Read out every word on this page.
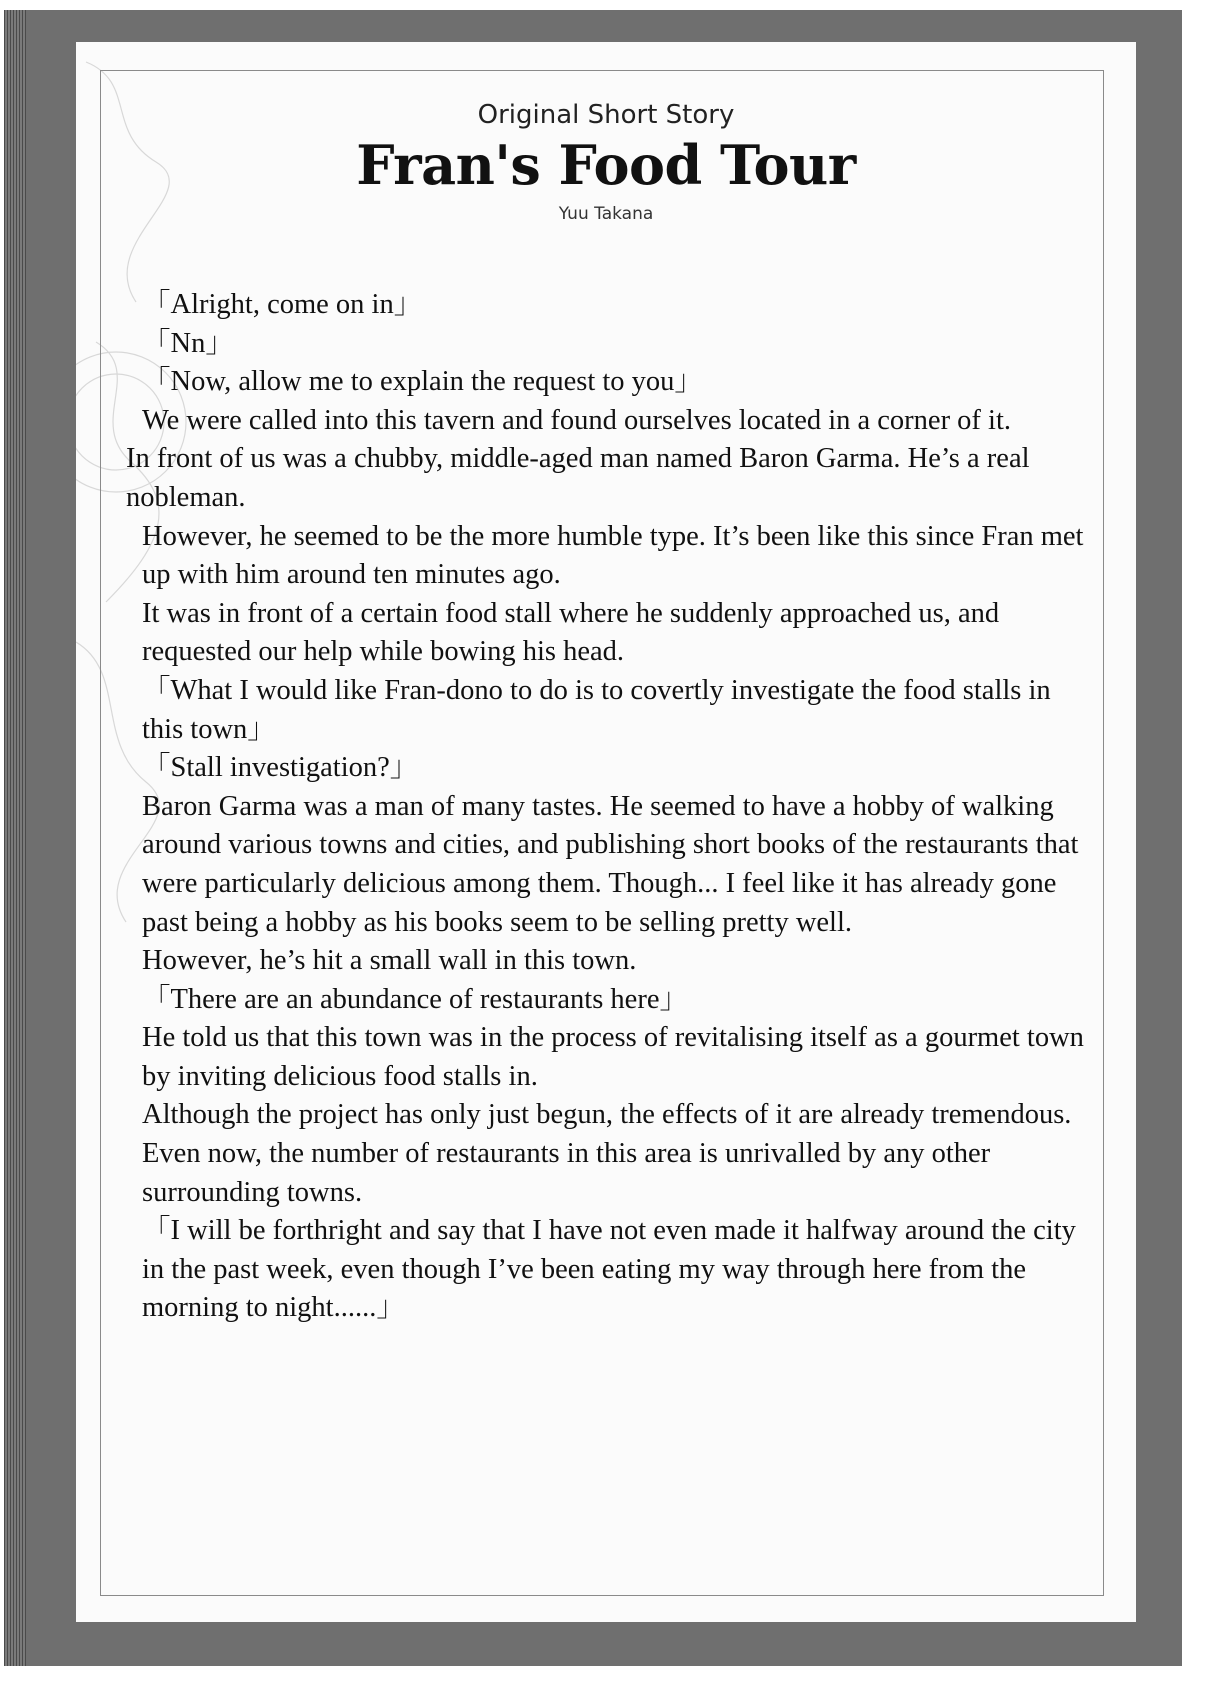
Original Short Story
Fran's Food Tour
Yuu Takana

「Alright, come on in」

「Nn」

「Now, allow me to explain the request to you」

We were called into this tavern and found ourselves located in a corner of it.

In front of us was a chubby, middle-aged man named Baron Garma. He’s a real nobleman.

However, he seemed to be the more humble type. It’s been like this since Fran met up with him around ten minutes ago.

It was in front of a certain food stall where he suddenly approached us, and requested our help while bowing his head.

「What I would like Fran-dono to do is to covertly investigate the food stalls in this town」

「Stall investigation?」

Baron Garma was a man of many tastes. He seemed to have a hobby of walking around various towns and cities, and publishing short books of the restaurants that were particularly delicious among them. Though... I feel like it has already gone past being a hobby as his books seem to be selling pretty well.

However, he’s hit a small wall in this town.

「There are an abundance of restaurants here」

He told us that this town was in the process of revitalising itself as a gourmet town by inviting delicious food stalls in.

Although the project has only just begun, the effects of it are already tremendous.

Even now, the number of restaurants in this area is unrivalled by any other surrounding towns.

「I will be forthright and say that I have not even made it halfway around the city in the past week, even though I’ve been eating my way through here from the morning to night......」
